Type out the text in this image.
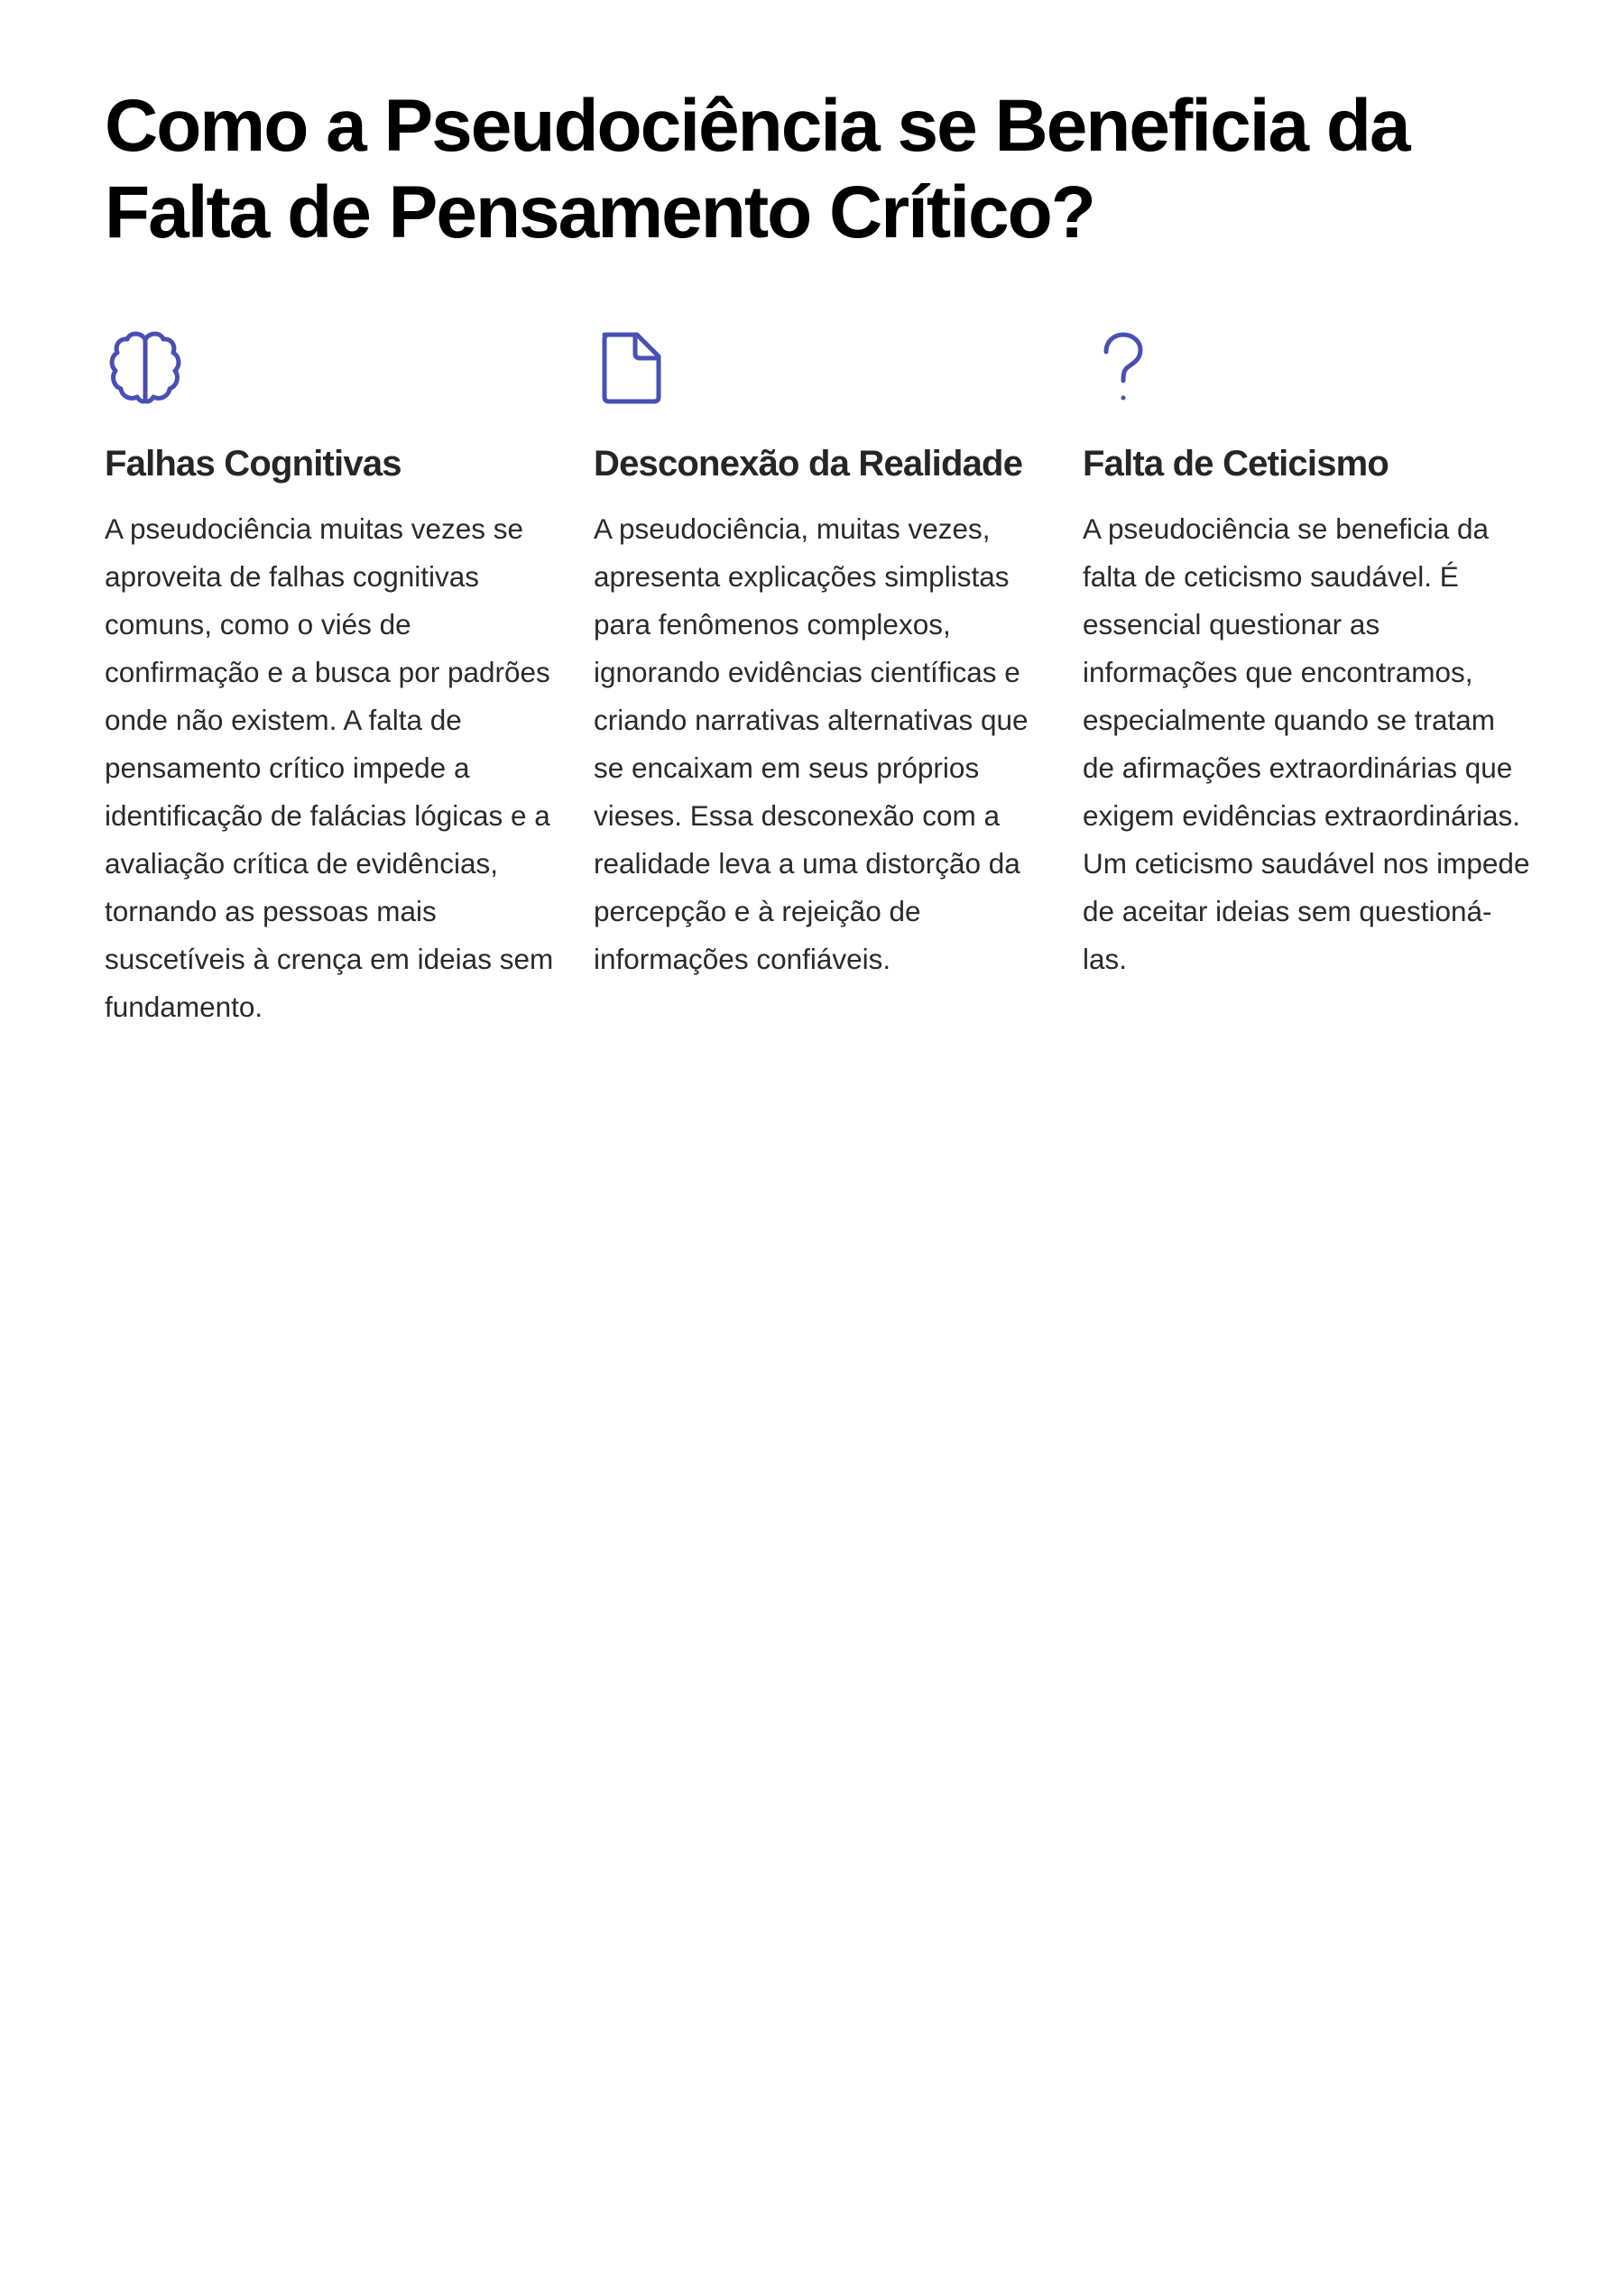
Como a Pseudociência se Beneficia da
Falta de Pensamento Crítico?
Falhas Cognitivas

A pseudociência muitas vezes se aproveita de falhas cognitivas comuns, como o viés de confirmação e a busca por padrões onde não existem. A falta de pensamento crítico impede a identificação de falácias lógicas e a avaliação crítica de evidências, tornando as pessoas mais suscetíveis à crença em ideias sem fundamento.

Desconexão da Realidade

A pseudociência, muitas vezes, apresenta explicações simplistas para fenômenos complexos, ignorando evidências científicas e criando narrativas alternativas que se encaixam em seus próprios vieses. Essa desconexão com a realidade leva a uma distorção da percepção e à rejeição de informações confiáveis.

Falta de Ceticismo

A pseudociência se beneficia da falta de ceticismo saudável. É essencial questionar as informações que encontramos, especialmente quando se tratam de afirmações extraordinárias que exigem evidências extraordinárias. Um ceticismo saudável nos impede de aceitar ideias sem questioná-las.
